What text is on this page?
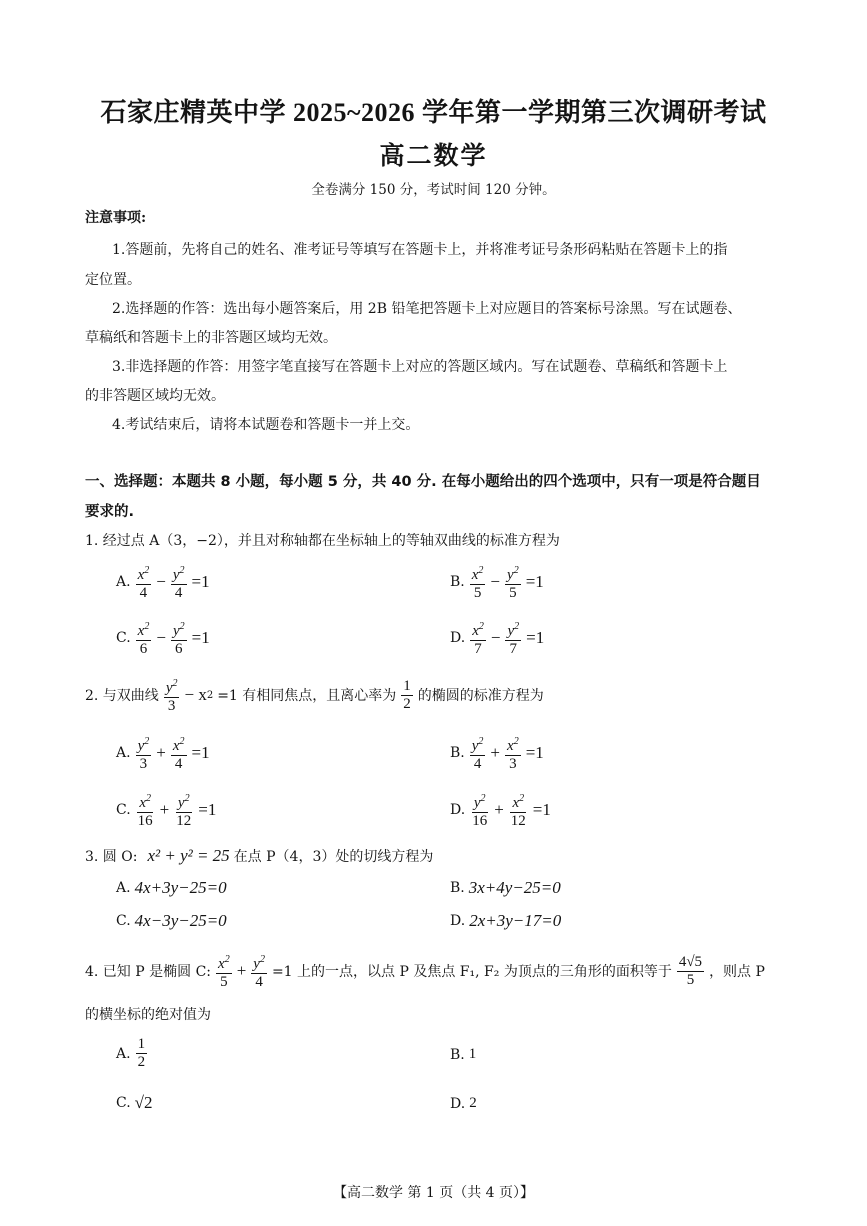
石家庄精英中学 2025~2026 学年第一学期第三次调研考试
高二数学
全卷满分 150 分，考试时间 120 分钟。
注意事项:
1.答题前，先将自己的姓名、准考证号等填写在答题卡上，并将准考证号条形码粘贴在答题卡上的指
定位置。
2.选择题的作答：选出每小题答案后，用 2B 铅笔把答题卡上对应题目的答案标号涂黑。写在试题卷、
草稿纸和答题卡上的非答题区域均无效。
3.非选择题的作答：用签字笔直接写在答题卡上对应的答题区域内。写在试题卷、草稿纸和答题卡上
的非答题区域均无效。
4.考试结束后，请将本试题卷和答题卡一并上交。
一、选择题：本题共 8 小题，每小题 5 分，共 40 分. 在每小题给出的四个选项中，只有一项是符合题目
要求的.
1. 经过点 A（3，−2），并且对称轴都在坐标轴上的等轴双曲线的标准方程为
A. $\frac{x^2}{4} - \frac{y^2}{4} =1$	B. $\frac{x^2}{5} - \frac{y^2}{5} =1$
C. $\frac{x^2}{6} - \frac{y^2}{6} =1$	D. $\frac{x^2}{7} - \frac{y^2}{7} =1$
2. 与双曲线 $\frac{y^2}{3} - x$ 2 =1 有相同焦点，且离心率为 $\frac{1}{2}$ 的椭圆的标准方程为
A. $\frac{y^2}{3} + \frac{x^2}{4} =1$	B. $\frac{y^2}{4} + \frac{x^2}{3} =1$
C. $\frac{x^2}{16} + \frac{y^2}{12} =1$	D. $\frac{y^2}{16} + \frac{x^2}{12} =1$
3. 圆 O: x² + y² = 25 在点 P（4，3）处的切线方程为
A. 4x+3y−25=0	B. 3x+4y−25=0
C. 4x−3y−25=0	D. 2x+3y−17=0
4. 已知 P 是椭圆 C: $\frac{x^2}{5} + \frac{y^2}{4} =1$ 上的一点，以点 P 及焦点 F₁, F₂ 为顶点的三角形的面积等于 $\frac{4√5}{5}$ ，则点 P
的横坐标的绝对值为
A. $\frac{1}{2}$	B. 1
C. √2	D. 2
【高二数学 第 1 页（共 4 页）】
